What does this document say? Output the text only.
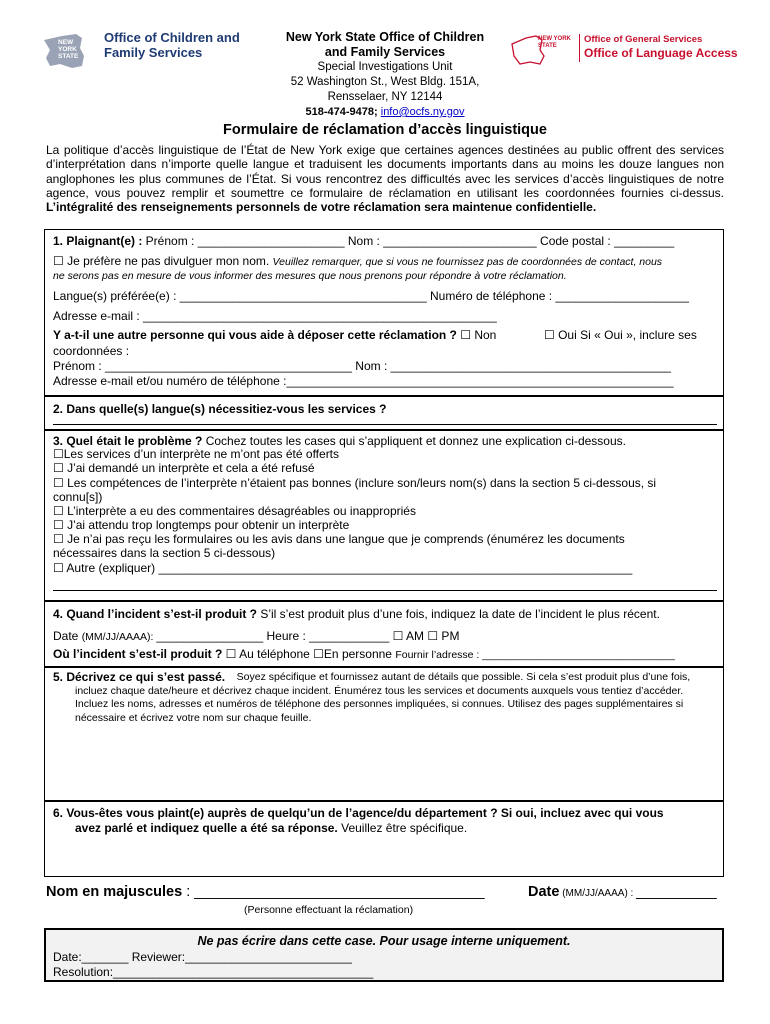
NEW YORK STATE
Office of Children and Family Services
NEW YORK STATE
Office of General Services
Office of Language Access
New York State Office of Children
and Family Services
Special Investigations Unit
52 Washington St., West Bldg. 151A,
Rensselaer, NY 12144
518-474-9478; info@ocfs.ny.gov
Formulaire de réclamation d’accès linguistique
La politique d’accès linguistique de l’État de New York exige que certaines agences destinées au public offrent des services d’interprétation dans n’importe quelle langue et traduisent les documents importants dans au moins les douze langues non anglophones les plus communes de l’État. Si vous rencontrez des difficultés avec les services d’accès linguistiques de notre agence, vous pouvez remplir et soumettre ce formulaire de réclamation en utilisant les coordonnées fournies ci-dessus. L’intégralité des renseignements personnels de votre réclamation sera maintenue confidentielle.
1. Plaignant(e) : Prénom : ______________________ Nom : _______________________ Code postal : _________
☐ Je préfère ne pas divulguer mon nom. Veuillez remarquer, que si vous ne fournissez pas de coordonnées de contact, nous
ne serons pas en mesure de vous informer des mesures que nous prenons pour répondre à votre réclamation.
Langue(s) préférée(e) : _____________________________________ Numéro de téléphone : ____________________
Adresse e-mail : _____________________________________________________
Y a-t-il une autre personne qui vous aide à déposer cette réclamation ? ☐ Non	☐ Oui Si « Oui », inclure ses
coordonnées :
Prénom : _____________________________________ Nom : __________________________________________
Adresse e-mail et/ou numéro de téléphone :__________________________________________________________
2. Dans quelle(s) langue(s) nécessitiez-vous les services ?
3. Quel était le problème ? Cochez toutes les cases qui s’appliquent et donnez une explication ci-dessous.
☐Les services d’un interprète ne m’ont pas été offerts
☐ J’ai demandé un interprète et cela a été refusé
☐ Les compétences de l’interprète n’étaient pas bonnes (inclure son/leurs nom(s) dans la section 5 ci-dessous, si
connu[s])
☐ L’interprète a eu des commentaires désagréables ou inappropriés
☐ J’ai attendu trop longtemps pour obtenir un interprète
☐ Je n’ai pas reçu les formulaires ou les avis dans une langue que je comprends (énumérez les documents
nécessaires dans la section 5 ci-dessous)
☐ Autre (expliquer) _______________________________________________________________________
4. Quand l’incident s’est-il produit ? S’il s’est produit plus d’une fois, indiquez la date de l’incident le plus récent.
Date (MM/JJ/AAAA): ________________ Heure : ____________ ☐ AM ☐ PM
Où l’incident s’est-il produit ? ☐ Au téléphone ☐En personne Fournir l’adresse : _________________________________
5. Décrivez ce qui s’est passé. Soyez spécifique et fournissez autant de détails que possible. Si cela s’est produit plus d’une fois, incluez chaque date/heure et décrivez chaque incident. Énumérez tous les services et documents auxquels vous tentiez d’accéder. Incluez les noms, adresses et numéros de téléphone des personnes impliquées, si connues. Utilisez des pages supplémentaires si nécessaire et écrivez votre nom sur chaque feuille.
6. Vous-êtes vous plaint(e) auprès de quelqu’un de l’agence/du département ? Si oui, incluez avec qui vous
avez parlé et indiquez quelle a été sa réponse. Veuillez être spécifique.
Nom en majuscules : ____________________________________	Date (MM/JJ/AAAA) : __________
(Personne effectuant la réclamation)
Ne pas écrire dans cette case. Pour usage interne uniquement.
Date:_______ Reviewer:_________________________
Resolution:_______________________________________
